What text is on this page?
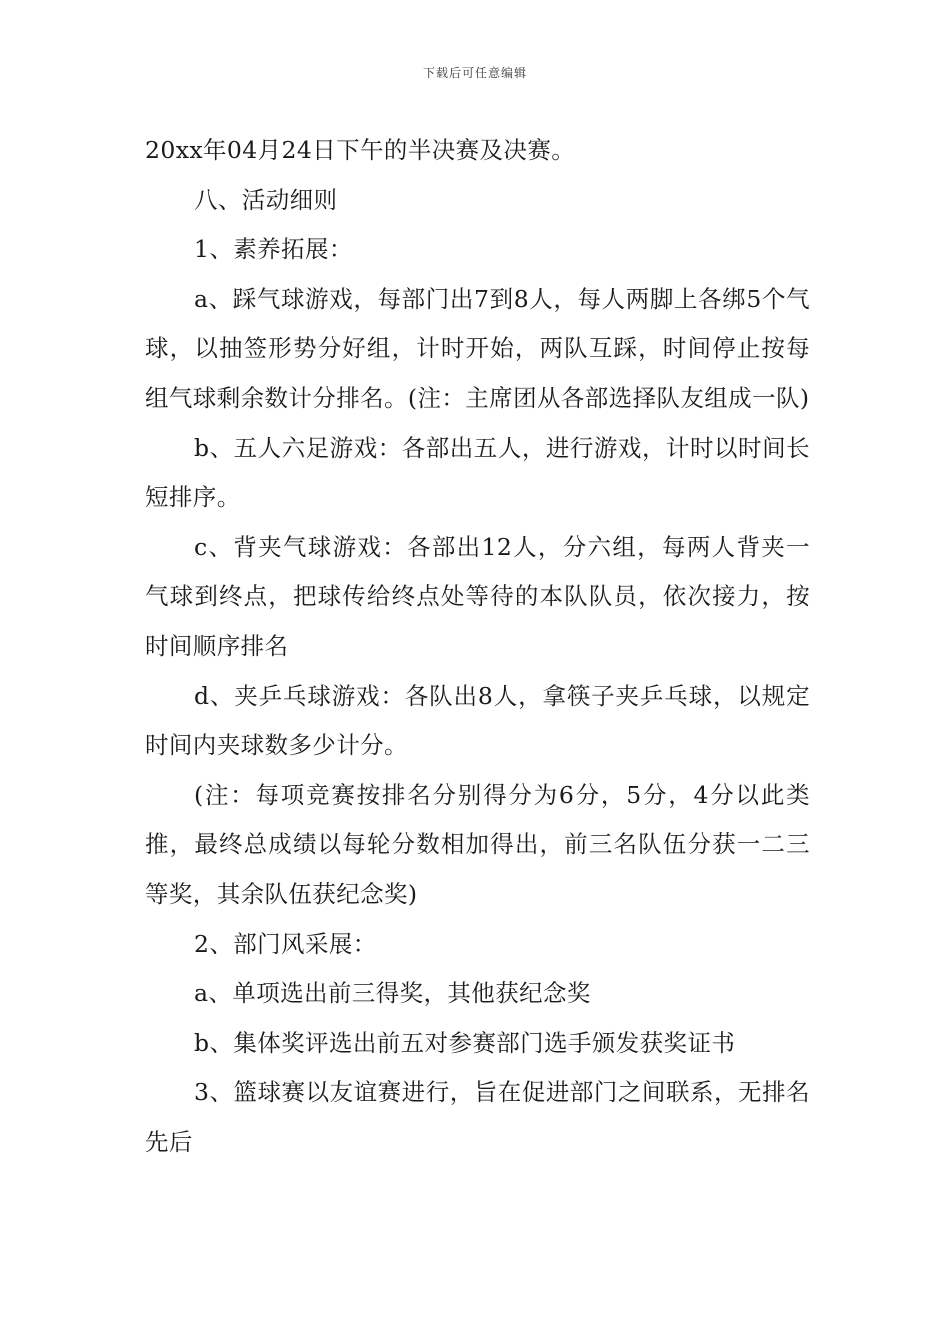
下载后可任意编辑

20xx年04月24日下午的半决赛及决赛。

八、活动细则

1、素养拓展：

a、踩气球游戏，每部门出7到8人，每人两脚上各绑5个气球，以抽签形势分好组，计时开始，两队互踩，时间停止按每组气球剩余数计分排名。(注：主席团从各部选择队友组成一队)

b、五人六足游戏：各部出五人，进行游戏，计时以时间长短排序。

c、背夹气球游戏：各部出12人，分六组，每两人背夹一气球到终点，把球传给终点处等待的本队队员，依次接力，按时间顺序排名

d、夹乒乓球游戏：各队出8人，拿筷子夹乒乓球，以规定时间内夹球数多少计分。

(注：每项竞赛按排名分别得分为6分，5分，4分以此类推，最终总成绩以每轮分数相加得出，前三名队伍分获一二三等奖，其余队伍获纪念奖)

2、部门风采展：

a、单项选出前三得奖，其他获纪念奖

b、集体奖评选出前五对参赛部门选手颁发获奖证书

3、篮球赛以友谊赛进行，旨在促进部门之间联系，无排名先后
